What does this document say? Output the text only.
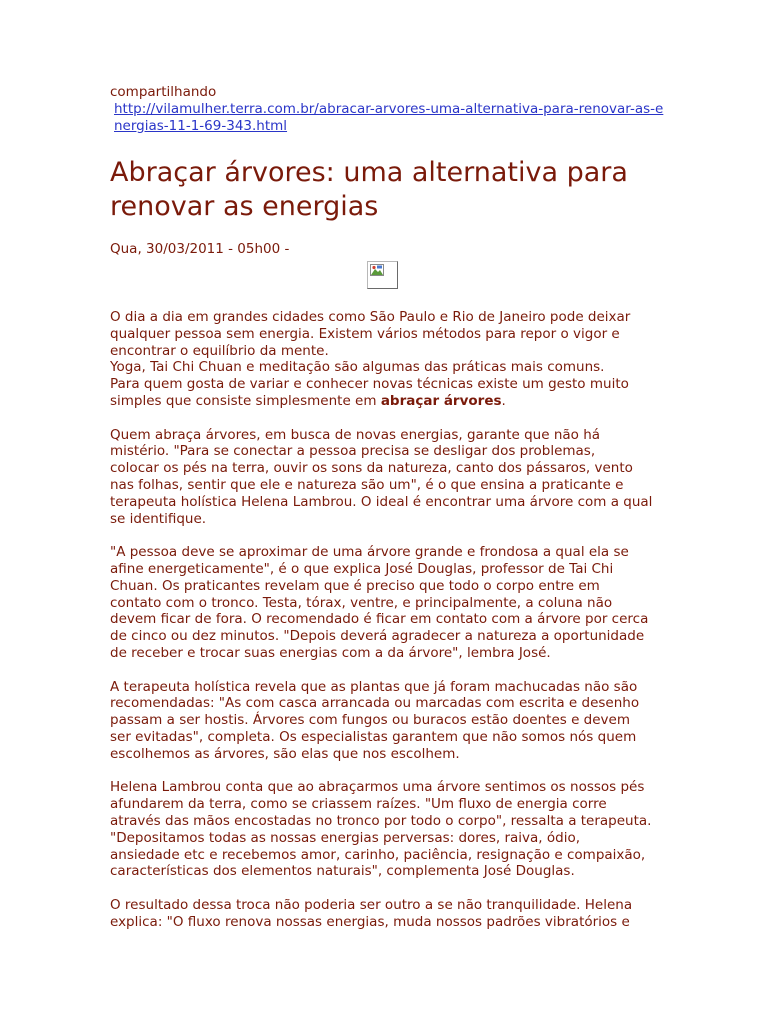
compartilhando
http://vilamulher.terra.com.br/abracar-arvores-uma-alternativa-para-renovar-as-energias-11-1-69-343.html
Abraçar árvores: uma alternativa para renovar as energias
Qua, 30/03/2011 - 05h00 -

O dia a dia em grandes cidades como São Paulo e Rio de Janeiro pode deixar
qualquer pessoa sem energia. Existem vários métodos para repor o vigor e
encontrar o equilíbrio da mente.
Yoga, Tai Chi Chuan e meditação são algumas das práticas mais comuns.
Para quem gosta de variar e conhecer novas técnicas existe um gesto muito
simples que consiste simplesmente em abraçar árvores.

Quem abraça árvores, em busca de novas energias, garante que não há
mistério. "Para se conectar a pessoa precisa se desligar dos problemas,
colocar os pés na terra, ouvir os sons da natureza, canto dos pássaros, vento
nas folhas, sentir que ele e natureza são um", é o que ensina a praticante e
terapeuta holística Helena Lambrou. O ideal é encontrar uma árvore com a qual
se identifique.

"A pessoa deve se aproximar de uma árvore grande e frondosa a qual ela se
afine energeticamente", é o que explica José Douglas, professor de Tai Chi
Chuan. Os praticantes revelam que é preciso que todo o corpo entre em
contato com o tronco. Testa, tórax, ventre, e principalmente, a coluna não
devem ficar de fora. O recomendado é ficar em contato com a árvore por cerca
de cinco ou dez minutos. "Depois deverá agradecer a natureza a oportunidade
de receber e trocar suas energias com a da árvore", lembra José.

A terapeuta holística revela que as plantas que já foram machucadas não são
recomendadas: "As com casca arrancada ou marcadas com escrita e desenho
passam a ser hostis. Árvores com fungos ou buracos estão doentes e devem
ser evitadas", completa. Os especialistas garantem que não somos nós quem
escolhemos as árvores, são elas que nos escolhem.

Helena Lambrou conta que ao abraçarmos uma árvore sentimos os nossos pés
afundarem da terra, como se criassem raízes. "Um fluxo de energia corre
através das mãos encostadas no tronco por todo o corpo", ressalta a terapeuta.
"Depositamos todas as nossas energias perversas: dores, raiva, ódio,
ansiedade etc e recebemos amor, carinho, paciência, resignação e compaixão,
características dos elementos naturais", complementa José Douglas.

O resultado dessa troca não poderia ser outro a se não tranquilidade. Helena
explica: "O fluxo renova nossas energias, muda nossos padrões vibratórios e
